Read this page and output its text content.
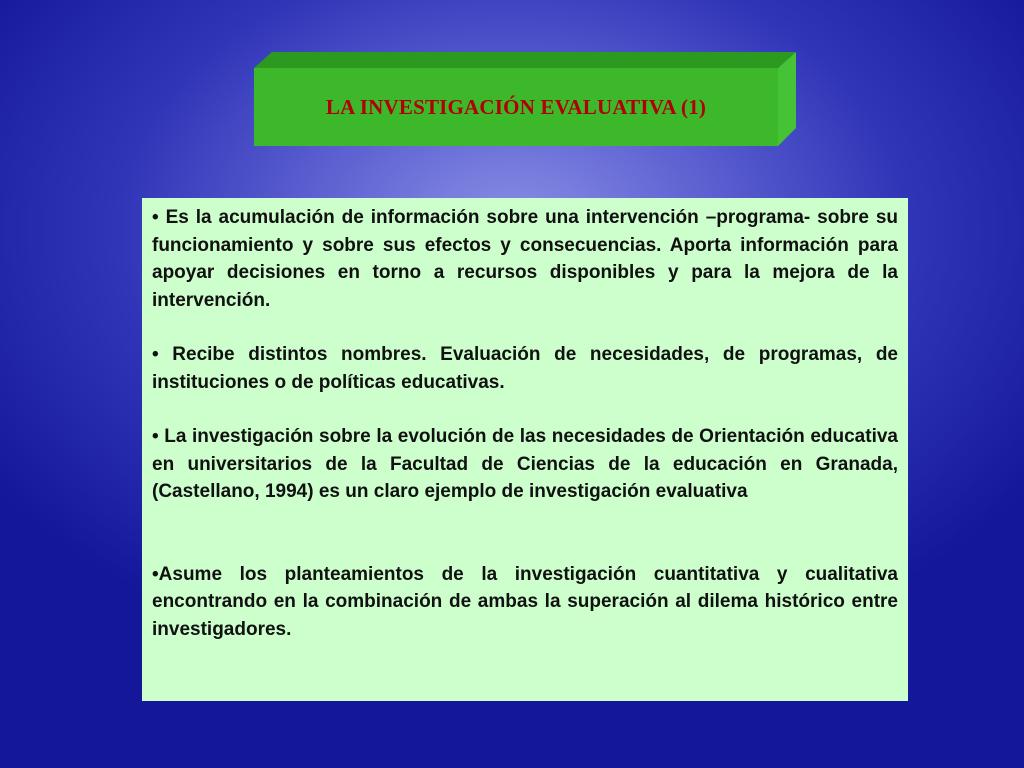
LA INVESTIGACIÓN EVALUATIVA (1)

• Es la acumulación de información sobre una intervención –programa- sobre su funcionamiento y sobre sus efectos y consecuencias. Aporta información para apoyar decisiones en torno a recursos disponibles y para la mejora de la intervención.

• Recibe distintos nombres. Evaluación de necesidades, de programas, de instituciones o de políticas educativas.

• La investigación sobre la evolución de las necesidades de Orientación educativa en universitarios de la Facultad de Ciencias de la educación en Granada, (Castellano, 1994) es un claro ejemplo de investigación evaluativa

•Asume los planteamientos de la investigación cuantitativa y cualitativa encontrando en la combinación de ambas la superación al dilema histórico entre investigadores.
